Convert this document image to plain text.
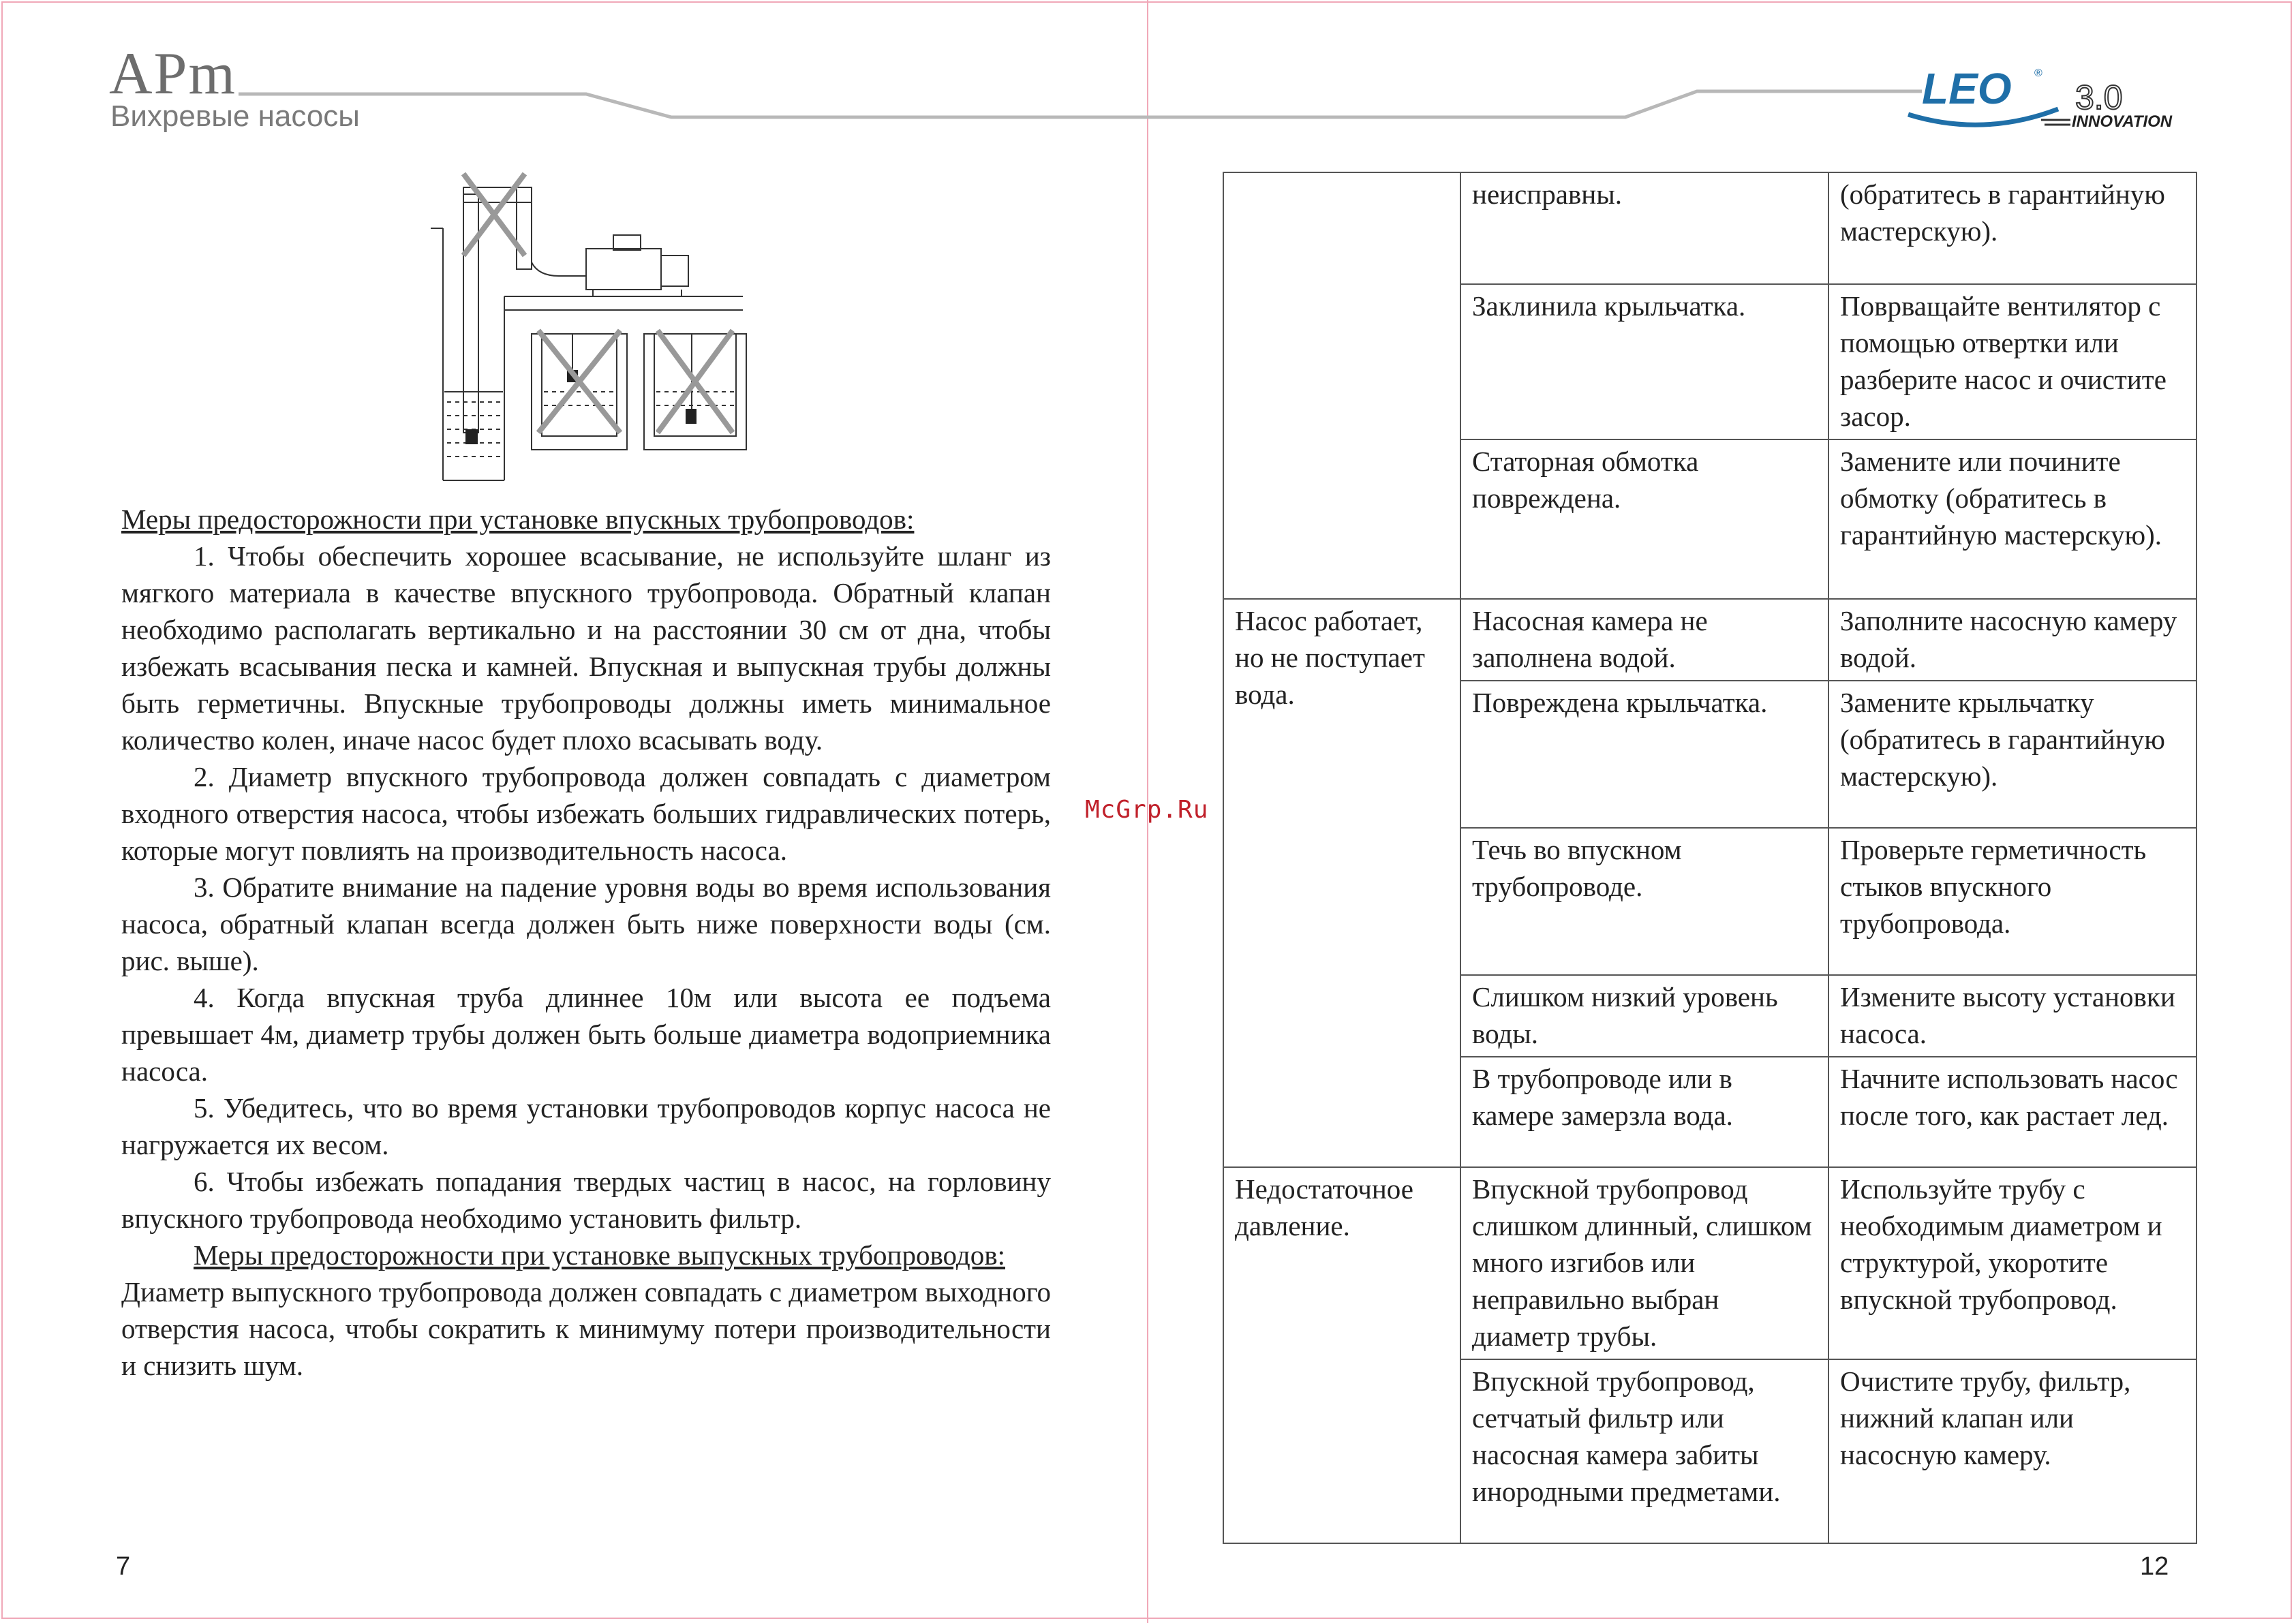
APm
Вихревые насосы
LEO ®
3.0
INNOVATION

Меры предосторожности при установке впускных трубопроводов:

1. Чтобы обеспечить хорошее всасывание, не используйте шланг из мягкого материала в качестве впускного трубопровода. Обратный клапан необходимо располагать вертикально и на расстоянии 30 см от дна, чтобы избежать всасывания песка и камней. Впускная и выпускная трубы должны быть герметичны. Впускные трубопроводы должны иметь минимальное количество колен, иначе насос будет плохо всасывать воду.

2. Диаметр впускного трубопровода должен совпадать с диаметром входного отверстия насоса, чтобы избежать больших гидравлических потерь, которые могут повлиять на производительность насоса.

3. Обратите внимание на падение уровня воды во время использования насоса, обратный клапан всегда должен быть ниже поверхности воды (см. рис. выше).

4. Когда впускная труба длиннее 10м или высота ее подъема превышает 4м, диаметр трубы должен быть больше диаметра водоприемника насоса.

5. Убедитесь, что во время установки трубопроводов корпус насоса не нагружается их весом.

6. Чтобы избежать попадания твердых частиц в насос, на горловину впускного трубопровода необходимо установить фильтр.

Меры предосторожности при установке выпускных трубопроводов:

Диаметр выпускного трубопровода должен совпадать с диаметром выходного отверстия насоса, чтобы сократить к минимуму потери производительности и снизить шум.

7
McGrp.Ru
	неисправны.	(обратитесь в гарантийную мастерскую).
	Заклинила крыльчатка.	Поврващайте вентилятор с помощью отвертки или разберите насос и очистите засор.
	Статорная обмотка повреждена.	Замените или почините обмотку (обратитесь в гарантийную мастерскую).
Насос работает, но не поступает вода.	Насосная камера не заполнена водой.	Заполните насосную камеру водой.
	Повреждена крыльчатка.	Замените крыльчатку (обратитесь в гарантийную мастерскую).
	Течь во впускном трубопроводе.	Проверьте герметичность стыков впускного трубопровода.
	Слишком низкий уровень воды.	Измените высоту установки насоса.
	В трубопроводе или в камере замерзла вода.	Начните использовать насос после того, как растает лед.
Недостаточное давление.	Впускной трубопровод слишком длинный, слишком много изгибов или неправильно выбран диаметр трубы.	Используйте трубу с необходимым диаметром и структурой, укоротите впускной трубопровод.
	Впускной трубопровод, сетчатый фильтр или насосная камера забиты инородными предметами.	Очистите трубу, фильтр, нижний клапан или насосную камеру.
12
